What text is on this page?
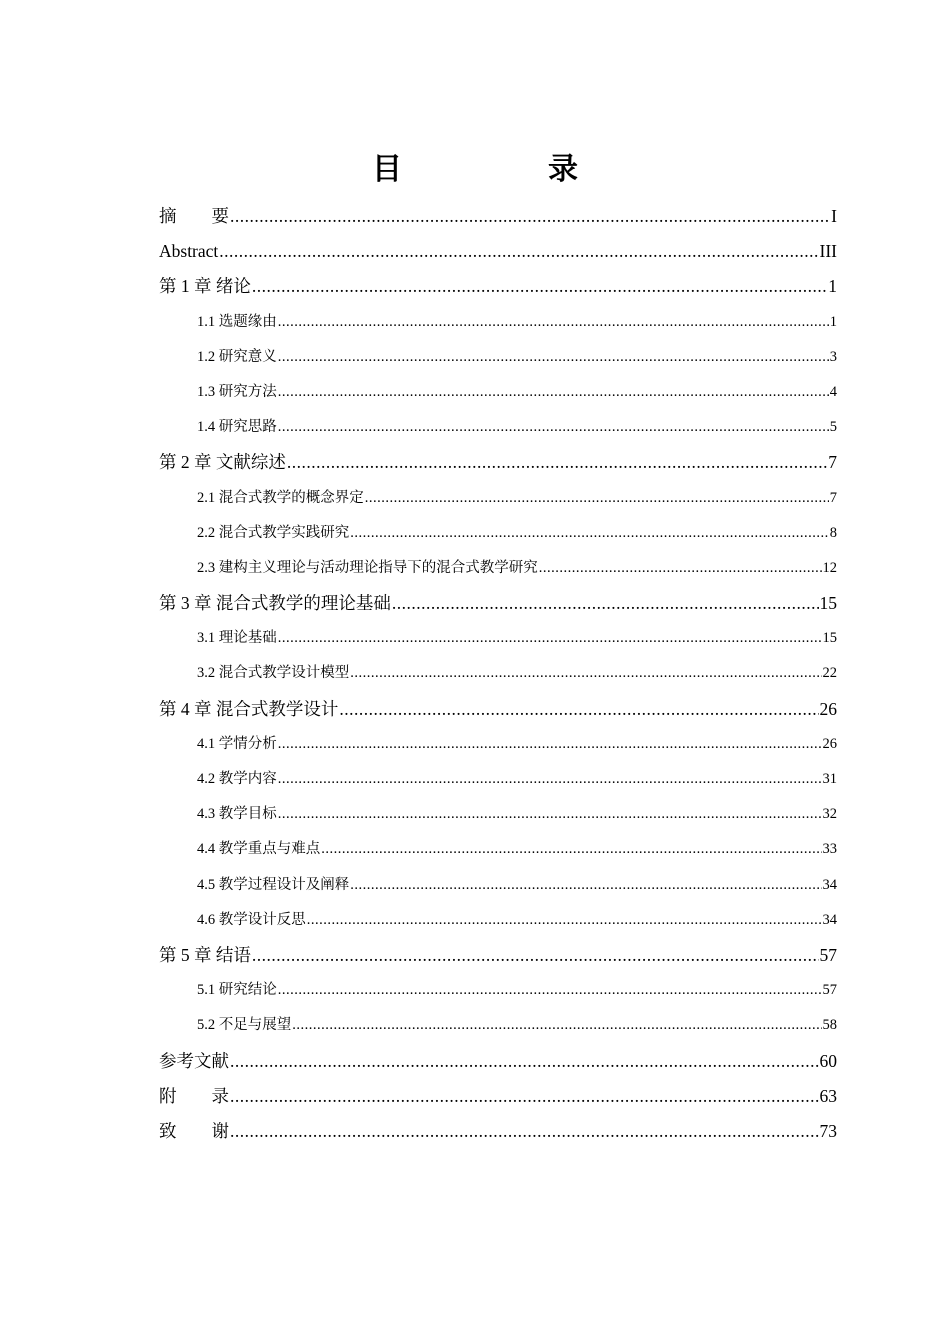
目　录
摘　　要 .....	I
Abstract .....	III
第 1 章 绪论 .....	1
1.1 选题缘由 .....	1
1.2 研究意义 .....	3
1.3 研究方法 .....	4
1.4 研究思路 .....	5
第 2 章 文献综述 .....	7
2.1 混合式教学的概念界定 .....	7
2.2 混合式教学实践研究 .....	8
2.3 建构主义理论与活动理论指导下的混合式教学研究 .....	12
第 3 章 混合式教学的理论基础 .....	15
3.1 理论基础 .....	15
3.2 混合式教学设计模型 .....	22
第 4 章 混合式教学设计 .....	26
4.1 学情分析 .....	26
4.2 教学内容 .....	31
4.3 教学目标 .....	32
4.4 教学重点与难点 .....	33
4.5 教学过程设计及阐释 .....	34
4.6 教学设计反思 .....	34
第 5 章 结语 .....	57
5.1 研究结论 .....	57
5.2 不足与展望 .....	58
参考文献 .....	60
附　　录 .....	63
致　　谢 .....	73
